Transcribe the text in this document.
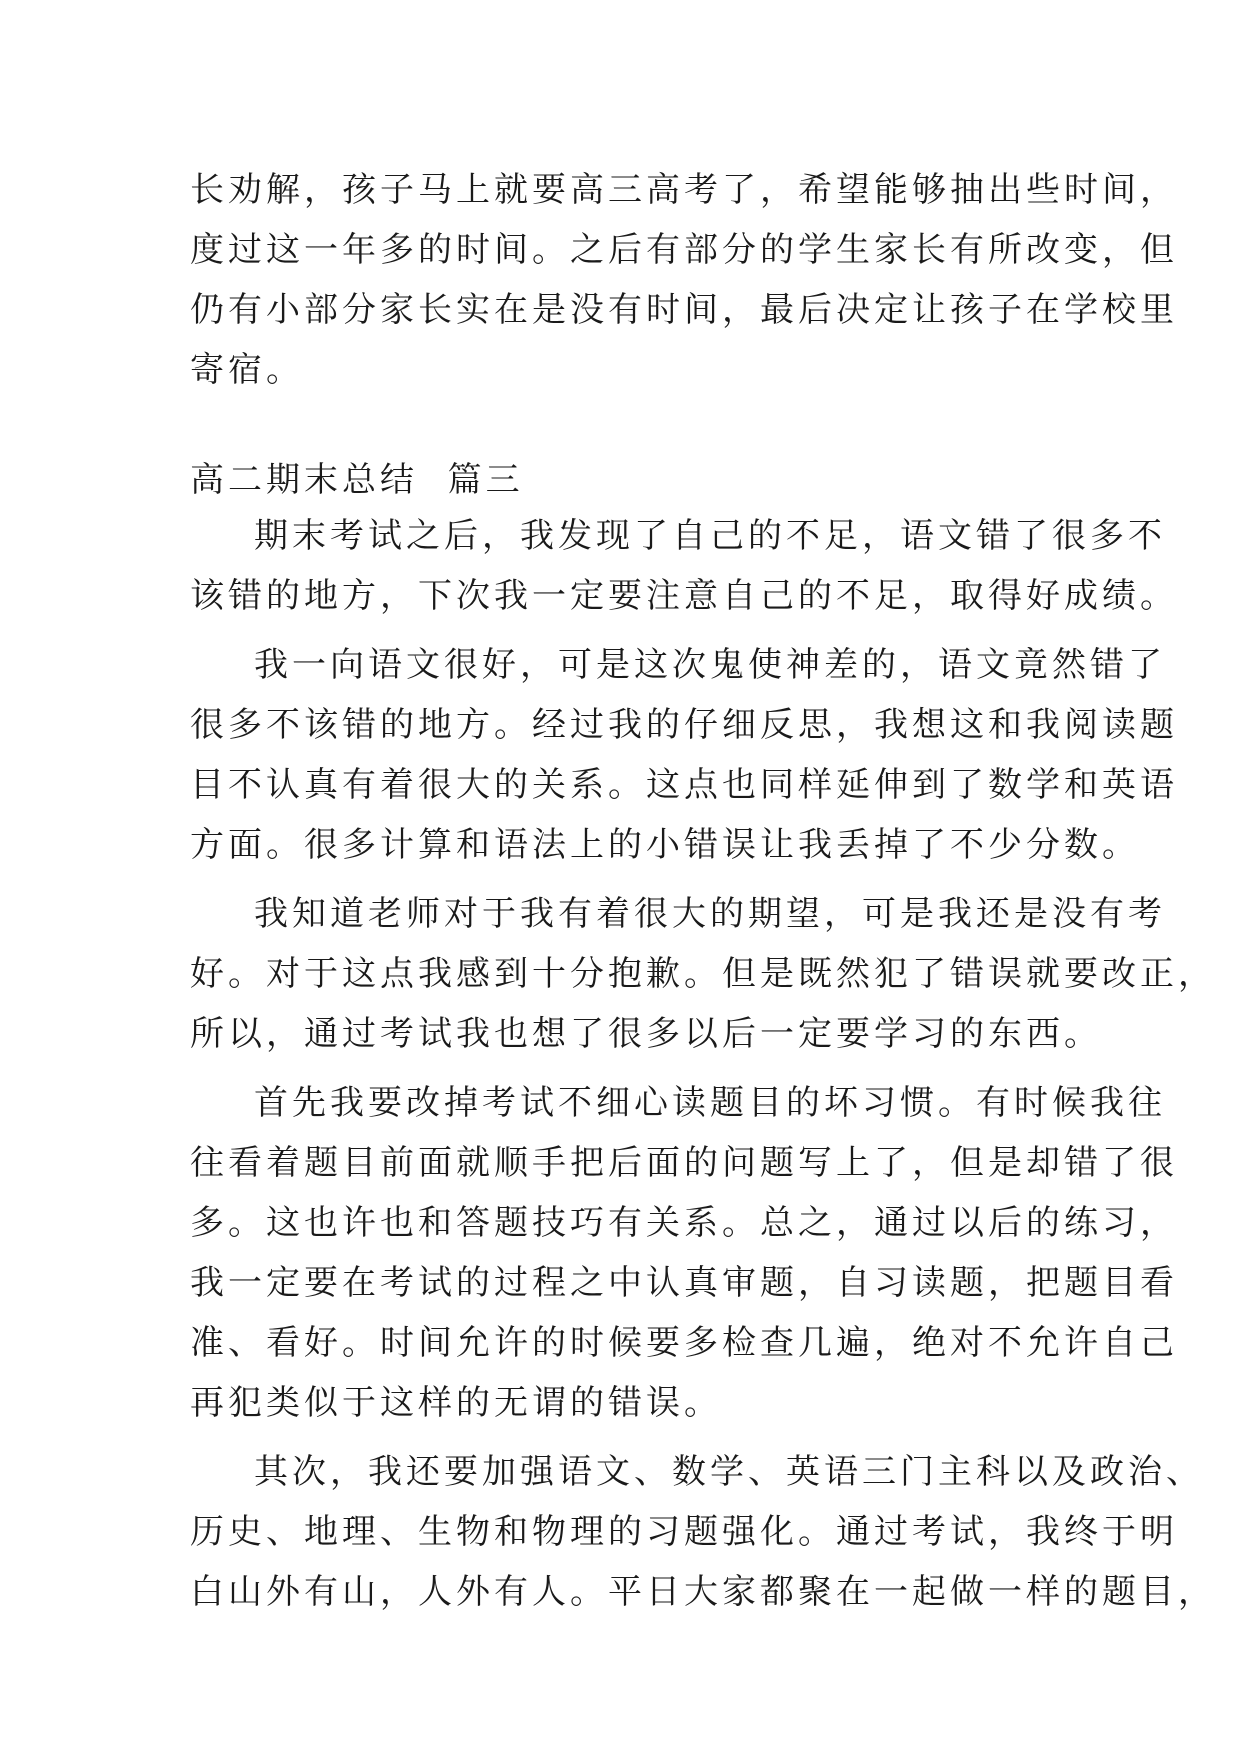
长劝解，孩子马上就要高三高考了，希望能够抽出些时间，
度过这一年多的时间。之后有部分的学生家长有所改变，但
仍有小部分家长实在是没有时间，最后决定让孩子在学校里
寄宿。
高二期末总结  篇三
期末考试之后，我发现了自己的不足，语文错了很多不
该错的地方，下次我一定要注意自己的不足，取得好成绩。
我一向语文很好，可是这次鬼使神差的，语文竟然错了
很多不该错的地方。经过我的仔细反思，我想这和我阅读题
目不认真有着很大的关系。这点也同样延伸到了数学和英语
方面。很多计算和语法上的小错误让我丢掉了不少分数。
我知道老师对于我有着很大的期望，可是我还是没有考
好。对于这点我感到十分抱歉。但是既然犯了错误就要改正，
所以，通过考试我也想了很多以后一定要学习的东西。
首先我要改掉考试不细心读题目的坏习惯。有时候我往
往看着题目前面就顺手把后面的问题写上了，但是却错了很
多。这也许也和答题技巧有关系。总之，通过以后的练习，
我一定要在考试的过程之中认真审题，自习读题，把题目看
准、看好。时间允许的时候要多检查几遍，绝对不允许自己
再犯类似于这样的无谓的错误。
其次，我还要加强语文、数学、英语三门主科以及政治、
历史、地理、生物和物理的习题强化。通过考试，我终于明
白山外有山，人外有人。平日大家都聚在一起做一样的题目，
